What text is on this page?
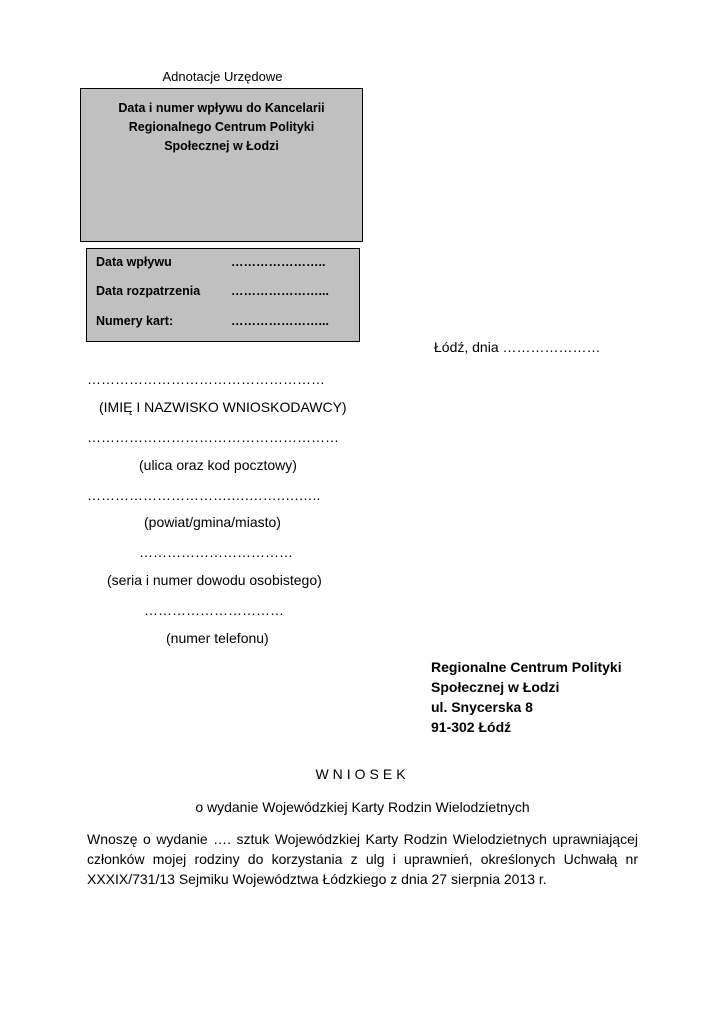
Adnotacje Urzędowe
Data i numer wpływu do Kancelarii
Regionalnego Centrum Polityki
Społecznej w Łodzi
Data wpływu	…………………..
Data rozpatrzenia …………………...
Numery kart:	…………………...
Łódź, dnia …………………
……………………………………………
(IMIĘ I NAZWISKO WNIOSKODAWCY)
………………………………………………
(ulica oraz kod pocztowy)
………………………….….…….….…..
(powiat/gmina/miasto)
……………………………
(seria i numer dowodu osobistego)
…………………………
(numer telefonu)
Regionalne Centrum Polityki
Społecznej w Łodzi
ul. Snycerska 8
91-302 Łódź
WNIOSEK
o wydanie Wojewódzkiej Karty Rodzin Wielodzietnych
Wnoszę o wydanie …. sztuk Wojewódzkiej Karty Rodzin Wielodzietnych uprawniającej członków mojej rodziny do korzystania z ulg i uprawnień, określonych Uchwałą nr XXXIX/731/13 Sejmiku Województwa Łódzkiego z dnia 27 sierpnia 2013 r.
